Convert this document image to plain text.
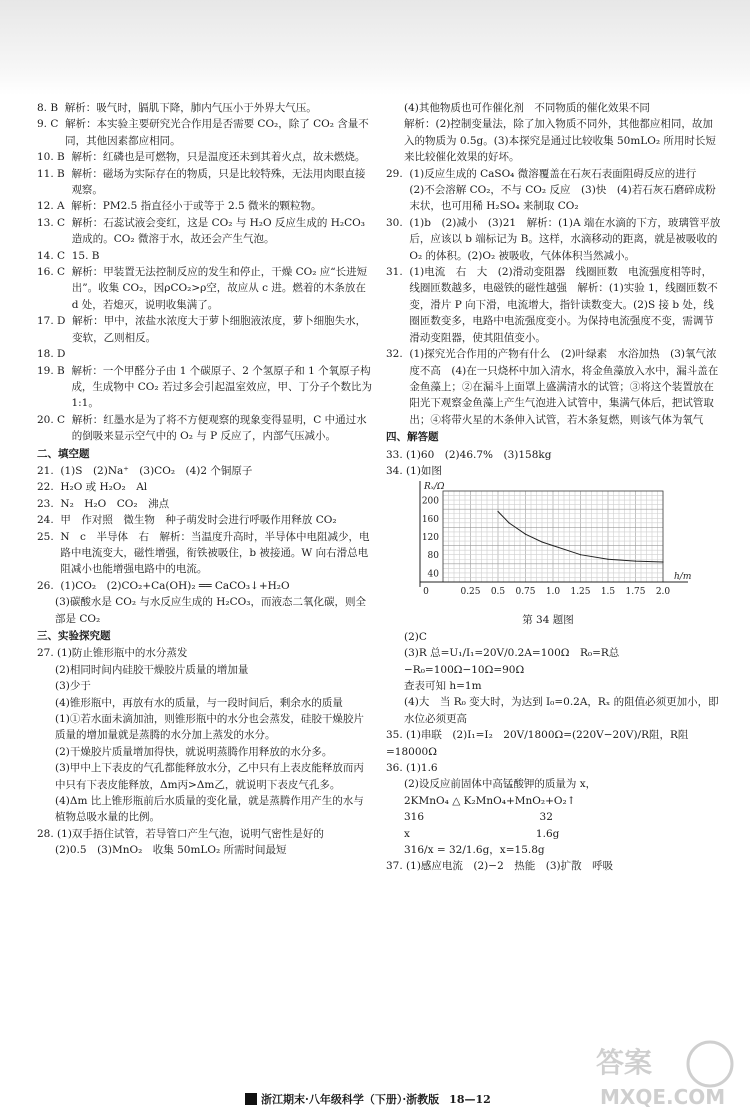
8. B 解析：吸气时，膈肌下降，肺内气压小于外界大气压。
9. C 解析：本实验主要研究光合作用是否需要 CO₂，除了 CO₂ 含量不同，其他因素都应相同。
10. B 解析：红磷也是可燃物，只是温度还未到其着火点，故未燃烧。
11. B 解析：磁场为实际存在的物质，只是比较特殊，无法用肉眼直接观察。
12. A 解析：PM2.5 指直径小于或等于 2.5 微米的颗粒物。
13. C 解析：石蕊试液会变红，这是 CO₂ 与 H₂O 反应生成的 H₂CO₃ 造成的。CO₂ 微溶于水，故还会产生气泡。
14. C 15. B
16. C 解析：甲装置无法控制反应的发生和停止，干燥 CO₂ 应“长进短出”。收集 CO₂，因ρCO₂>ρ空，故应从 c 进。燃着的木条放在 d 处，若熄灭，说明收集满了。
17. D 解析：甲中，浓盐水浓度大于萝卜细胞液浓度，萝卜细胞失水，变软，乙则相反。
18. D
19. B 解析：一个甲醛分子由 1 个碳原子、2 个氢原子和 1 个氧原子构成，生成物中 CO₂ 若过多会引起温室效应，甲、丁分子个数比为 1:1。
20. C 解析：红墨水是为了将不方便观察的现象变得显明，C 中通过水的倒吸来显示空气中的 O₂ 与 P 反应了，内部气压减小。
二、填空题
21. (1)S　(2)Na⁺　(3)CO₂　(4)2 个铜原子
22. H₂O 或 H₂O₂　Al
23. N₂　H₂O　CO₂　沸点
24. 甲　作对照　微生物　种子萌发时会进行呼吸作用释放 CO₂
25. N　c　半导体　右　解析：当温度升高时，半导体中电阻减少，电路中电流变大，磁性增强，衔铁被吸住，b 被接通。W 向右滑总电阻减小也能增强电路中的电流。
26. (1)CO₂　(2)CO₂+Ca(OH)₂ ══ CaCO₃↓+H₂O
(3)碳酸水是 CO₂ 与水反应生成的 H₂CO₃，而液态二氧化碳，则全部是 CO₂
三、实验探究题
27. (1)防止锥形瓶中的水分蒸发
(2)相同时间内硅胶干燥胶片质量的增加量
(3)少于
(4)锥形瓶中，再放有水的质量，与一段时间后，剩余水的质量
(1)①若水面未滴加油，则锥形瓶中的水分也会蒸发，硅胶干燥胶片质量的增加量就是蒸腾的水分加上蒸发的水分。
(2)干燥胶片质量增加得快，就说明蒸腾作用释放的水分多。
(3)甲中上下表皮的气孔都能释放水分，乙中只有上表皮能释放而丙中只有下表皮能释放，Δm丙>Δm乙，就说明下表皮气孔多。(4)Δm 比上锥形瓶前后水质量的变化量，就是蒸腾作用产生的水与植物总吸水量的比例。
28. (1)双手捂住试管，若导管口产生气泡，说明气密性是好的
(2)0.5　(3)MnO₂　收集 50mLO₂ 所需时间最短
(4)其他物质也可作催化剂　不同物质的催化效果不同
解析：(2)控制变量法，除了加入物质不同外，其他都应相同，故加入的物质为 0.5g。(3)本探究是通过比较收集 50mLO₂ 所用时长短来比较催化效果的好坏。
29. (1)反应生成的 CaSO₄ 微溶覆盖在石灰石表面阻碍反应的进行　(2)不会溶解 CO₂，不与 CO₂ 反应　(3)快　(4)若石灰石磨碎成粉末状，也可用稀 H₂SO₄ 来制取 CO₂
30. (1)b　(2)减小　(3)21　解析：(1)A 端在水滴的下方，玻璃管平放后，应该以 b 端标记为 B。这样，水滴移动的距离，就是被吸收的 O₂ 的体积。(2)O₂ 被吸收，气体体积当然减小。
31. (1)电流　右　大　(2)滑动变阻器　线圈匝数　电流强度相等时，线圈匝数越多，电磁铁的磁性越强　解析：(1)实验 1，线圈匝数不变，滑片 P 向下滑，电流增大，指针读数变大。(2)S 接 b 处，线圈匝数变多，电路中电流强度变小。为保持电流强度不变，需调节滑动变阻器，使其阻值变小。
32. (1)探究光合作用的产物有什么　(2)叶绿素　水浴加热　(3)氧气浓度不高　(4)在一只烧杯中加入清水，将金鱼藻放入水中，漏斗盖在金鱼藻上；②在漏斗上面罩上盛满清水的试管；③将这个装置放在阳光下观察金鱼藻上产生气泡进入试管中，集满气体后，把试管取出；④将带火星的木条伸入试管，若木条复燃，则该气体为氧气
四、解答题
33. (1)60　(2)46.7%　(3)158kg
34. (1)如图
40
80
120
160
200
0	0.25 0.5 0.75 1.0 1.25 1.5 1.75 2.0
Rₓ/Ω
h/m
第 34 题图
(2)C
(3)R 总=U₁/I₁=20V/0.2A=100Ω　R₀=R总−R₀=100Ω−10Ω=90Ω
查表可知 h=1m
(4)大　当 R₀ 变大时，为达到 I₀=0.2A，Rₓ 的阻值必须更加小，即水位必须更高
35. (1)串联　(2)I₁=I₂　20V/1800Ω=(220V−20V)/R阻，R阻=18000Ω
36. (1)1.6
(2)设反应前固体中高锰酸钾的质量为 x，
2KMnO₄ △ K₂MnO₄+MnO₂+O₂↑
316　　　　　　　　　　　32
x　　　　　　　　　　　　1.6g
316/x = 32/1.6g，x=15.8g
37. (1)感应电流　(2)−2　热能　(3)扩散　呼吸
浙江期末·八年级科学（下册）·浙教版 18—12
答案
MXQE.COM
